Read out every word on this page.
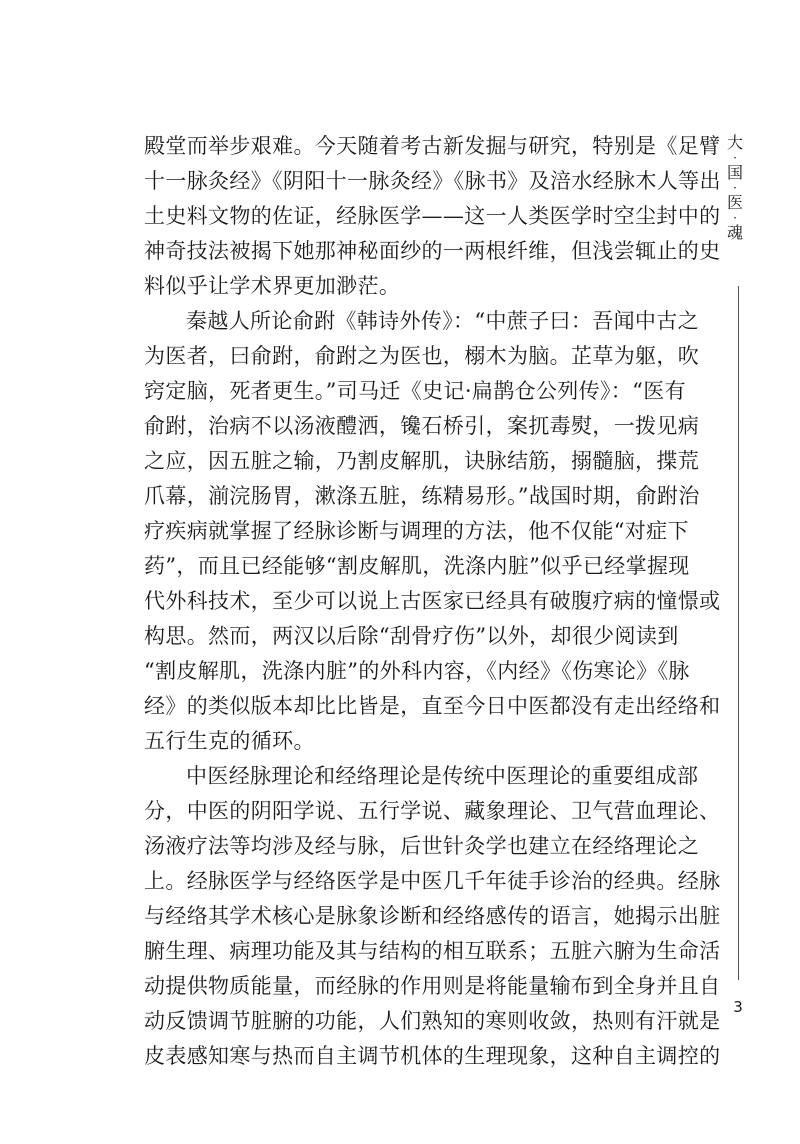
殿堂而举步艰难。今天随着考古新发掘与研究，特别是《足臂
十一脉灸经》《阴阳十一脉灸经》《脉书》及涪水经脉木人等出
土史料文物的佐证，经脉医学——这一人类医学时空尘封中的
神奇技法被揭下她那神秘面纱的一两根纤维，但浅尝辄止的史
料似乎让学术界更加渺茫。
秦越人所论俞跗《韩诗外传》：“中蔗子曰：吾闻中古之
为医者，曰俞跗，俞跗之为医也，榒木为脑。芷草为躯，吹
窍定脑，死者更生。”司马迁《史记·扁鹊仓公列传》：“医有
俞跗，治病不以汤液醴洒，镵石桥引，案扤毒熨，一拨见病
之应，因五脏之输，乃割皮解肌，诀脉结筋，搦髓脑，揲荒
爪幕，湔浣肠胃，漱涤五脏，练精易形。”战国时期，俞跗治
疗疾病就掌握了经脉诊断与调理的方法，他不仅能“对症下
药”，而且已经能够“割皮解肌，洗涤内脏”似乎已经掌握现
代外科技术，至少可以说上古医家已经具有破腹疗病的憧憬或
构思。然而，两汉以后除“刮骨疗伤”以外，却很少阅读到
“割皮解肌，洗涤内脏”的外科内容，《内经》《伤寒论》《脉
经》的类似版本却比比皆是，直至今日中医都没有走出经络和
五行生克的循环。
中医经脉理论和经络理论是传统中医理论的重要组成部
分，中医的阴阳学说、五行学说、藏象理论、卫气营血理论、
汤液疗法等均涉及经与脉，后世针灸学也建立在经络理论之
上。经脉医学与经络医学是中医几千年徒手诊治的经典。经脉
与经络其学术核心是脉象诊断和经络感传的语言，她揭示出脏
腑生理、病理功能及其与结构的相互联系；五脏六腑为生命活
动提供物质能量，而经脉的作用则是将能量输布到全身并且自
动反馈调节脏腑的功能，人们熟知的寒则收敛，热则有汗就是
皮表感知寒与热而自主调节机体的生理现象，这种自主调控的
大
·
国
·
医
·
魂
3
